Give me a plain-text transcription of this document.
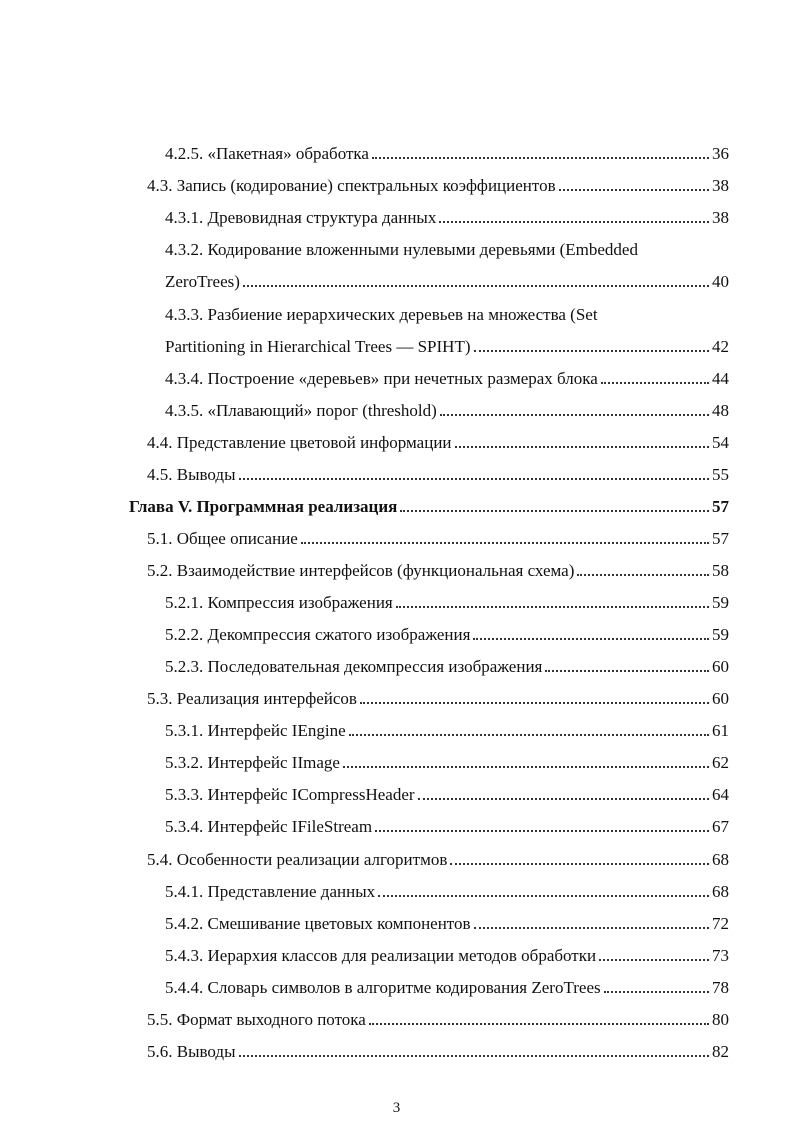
4.2.5. «Пакетная» обработка	36
4.3. Запись (кодирование) спектральных коэффициентов	38
4.3.1. Древовидная структура данных	38
4.3.2. Кодирование вложенными нулевыми деревьями (Embedded
ZeroTrees)	40
4.3.3. Разбиение иерархических деревьев на множества (Set
Partitioning in Hierarchical Trees — SPIHT)	42
4.3.4. Построение «деревьев» при нечетных размерах блока	44
4.3.5. «Плавающий» порог (threshold)	48
4.4. Представление цветовой информации	54
4.5. Выводы	55
Глава V. Программная реализация	57
5.1. Общее описание	57
5.2. Взаимодействие интерфейсов (функциональная схема)	58
5.2.1. Компрессия изображения	59
5.2.2. Декомпрессия сжатого изображения	59
5.2.3. Последовательная декомпрессия изображения	60
5.3. Реализация интерфейсов	60
5.3.1. Интерфейс IEngine	61
5.3.2. Интерфейс IImage	62
5.3.3. Интерфейс ICompressHeader	64
5.3.4. Интерфейс IFileStream	67
5.4. Особенности реализации алгоритмов	68
5.4.1. Представление данных	68
5.4.2. Смешивание цветовых компонентов	72
5.4.3. Иерархия классов для реализации методов обработки	73
5.4.4. Словарь символов в алгоритме кодирования ZeroTrees	78
5.5. Формат выходного потока	80
5.6. Выводы	82
3
